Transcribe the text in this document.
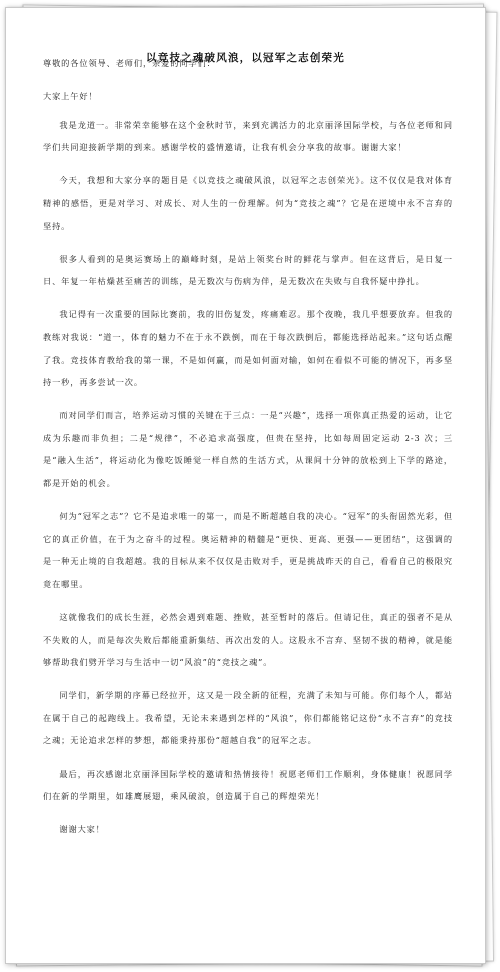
以竞技之魂破风浪，以冠军之志创荣光

尊敬的各位领导、老师们，亲爱的同学们：

大家上午好！

我是龙道一。非常荣幸能够在这个金秋时节，来到充满活力的北京丽泽国际学校，与各位老师和同学们共同迎接新学期的到来。感谢学校的盛情邀请，让我有机会分享我的故事。谢谢大家！

今天，我想和大家分享的题目是《以竞技之魂破风浪，以冠军之志创荣光》。这不仅仅是我对体育精神的感悟，更是对学习、对成长、对人生的一份理解。何为“竞技之魂”？它是在逆境中永不言弃的坚持。

很多人看到的是奥运赛场上的巅峰时刻，是站上领奖台时的鲜花与掌声。但在这背后，是日复一日、年复一年枯燥甚至痛苦的训练，是无数次与伤病为伴，是无数次在失败与自我怀疑中挣扎。

我记得有一次重要的国际比赛前，我的旧伤复发，疼痛难忍。那个夜晚，我几乎想要放弃。但我的教练对我说：“道一，体育的魅力不在于永不跌倒，而在于每次跌倒后，都能选择站起来。”这句话点醒了我。竞技体育教给我的第一课，不是如何赢，而是如何面对输，如何在看似不可能的情况下，再多坚持一秒，再多尝试一次。

而对同学们而言，培养运动习惯的关键在于三点：一是“兴趣”，选择一项你真正热爱的运动，让它成为乐趣而非负担；二是“规律”，不必追求高强度，但贵在坚持，比如每周固定运动 2-3 次；三是“融入生活”，将运动化为像吃饭睡觉一样自然的生活方式，从课间十分钟的放松到上下学的路途，都是开始的机会。

何为“冠军之志”？它不是追求唯一的第一，而是不断超越自我的决心。“冠军”的头衔固然光彩，但它的真正价值，在于为之奋斗的过程。奥运精神的精髓是“更快、更高、更强——更团结”，这强调的是一种无止境的自我超越。我的目标从来不仅仅是击败对手，更是挑战昨天的自己，看看自己的极限究竟在哪里。

这就像我们的成长生涯，必然会遇到难题、挫败，甚至暂时的落后。但请记住，真正的强者不是从不失败的人，而是每次失败后都能重新集结、再次出发的人。这股永不言弃、坚韧不拔的精神，就是能够帮助我们劈开学习与生活中一切“风浪”的“竞技之魂”。

同学们，新学期的序幕已经拉开，这又是一段全新的征程，充满了未知与可能。你们每个人，都站在属于自己的起跑线上。我希望，无论未来遇到怎样的“风浪”，你们都能铭记这份“永不言弃”的竞技之魂；无论追求怎样的梦想，都能秉持那份“超越自我”的冠军之志。

最后，再次感谢北京丽泽国际学校的邀请和热情接待！祝愿老师们工作顺利，身体健康！祝愿同学们在新的学期里，如雄鹰展翅，乘风破浪，创造属于自己的辉煌荣光！

谢谢大家！
